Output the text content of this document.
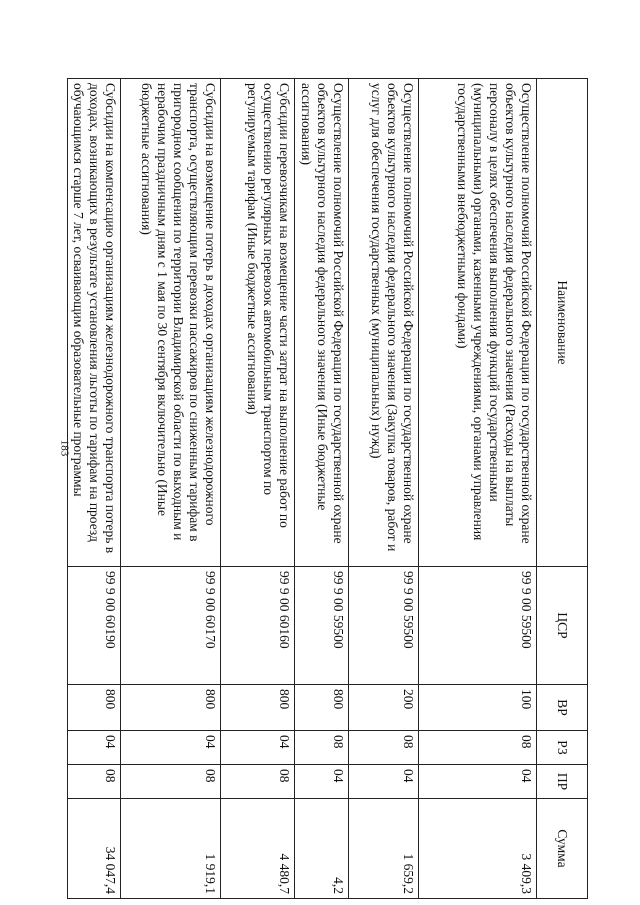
183
Наименование	ЦСР	ВР	РЗ	ПР	Сумма
Осуществление полномочий Российской Федерации по государственной охране объектов культурного наследия федерального значения (Расходы на выплаты персоналу в целях обеспечения выполнения функций государственными (муниципальными) органами, казенными учреждениями, органами управления государственными внебюджетными фондами)	99 9 00 59500	100	08	04	3 409,3
Осуществление полномочий Российской Федерации по государственной охране объектов культурного наследия федерального значения (Закупка товаров, работ и услуг для обеспечения государственных (муниципальных) нужд)	99 9 00 59500	200	08	04	1 659,2
Осуществление полномочий Российской Федерации по государственной охране объектов культурного наследия федерального значения (Иные бюджетные ассигнования)	99 9 00 59500	800	08	04	4,2
Субсидии перевозчикам на возмещение части затрат на выполнение работ по осуществлению регулярных перевозок автомобильным транспортом по регулируемым тарифам (Иные бюджетные ассигнования)	99 9 00 60160	800	04	08	4 480,7
Субсидии на возмещение потерь в доходах организациям железнодорожного транспорта, осуществляющим перевозки пассажиров по сниженным тарифам в пригородном сообщении по территории Владимирской области по выходным и нерабочим праздничным дням с 1 мая по 30 сентября включительно (Иные бюджетные ассигнования)	99 9 00 60170	800	04	08	1 919,1
Субсидии на компенсацию организациям железнодорожного транспорта потерь в доходах, возникающих в результате установления льготы по тарифам на проезд обучающимся старше 7 лет, осваивающим образовательные программы	99 9 00 60190	800	04	08	34 047,4
